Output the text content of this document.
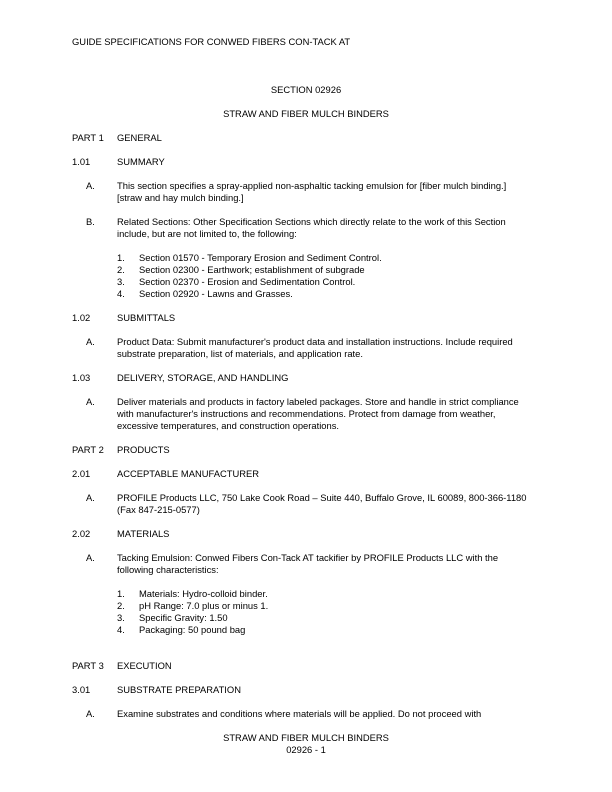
GUIDE SPECIFICATIONS FOR CONWED FIBERS CON-TACK AT
SECTION 02926
STRAW AND FIBER MULCH BINDERS
PART 1 GENERAL
1.01	SUMMARY
A. This section specifies a spray-applied non-asphaltic tacking emulsion for [fiber mulch binding.]
[straw and hay mulch binding.]
B. Related Sections: Other Specification Sections which directly relate to the work of this Section
include, but are not limited to, the following:
1. Section 01570 - Temporary Erosion and Sediment Control.
2. Section 02300 - Earthwork; establishment of subgrade
3. Section 02370 - Erosion and Sedimentation Control.
4. Section 02920 - Lawns and Grasses.
1.02	SUBMITTALS
A. Product Data: Submit manufacturer's product data and installation instructions. Include required
substrate preparation, list of materials, and application rate.
1.03	DELIVERY, STORAGE, AND HANDLING
A. Deliver materials and products in factory labeled packages. Store and handle in strict compliance
with manufacturer's instructions and recommendations. Protect from damage from weather,
excessive temperatures, and construction operations.
PART 2 PRODUCTS
2.01	ACCEPTABLE MANUFACTURER
A. PROFILE Products LLC, 750 Lake Cook Road – Suite 440, Buffalo Grove, IL 60089, 800-366-1180
(Fax 847-215-0577)
2.02	MATERIALS
A. Tacking Emulsion: Conwed Fibers Con-Tack AT tackifier by PROFILE Products LLC with the
following characteristics:
1. Materials: Hydro-colloid binder.
2. pH Range: 7.0 plus or minus 1.
3. Specific Gravity: 1.50
4. Packaging: 50 pound bag
PART 3 EXECUTION
3.01	SUBSTRATE PREPARATION
A. Examine substrates and conditions where materials will be applied. Do not proceed with
STRAW AND FIBER MULCH BINDERS
02926 - 1
